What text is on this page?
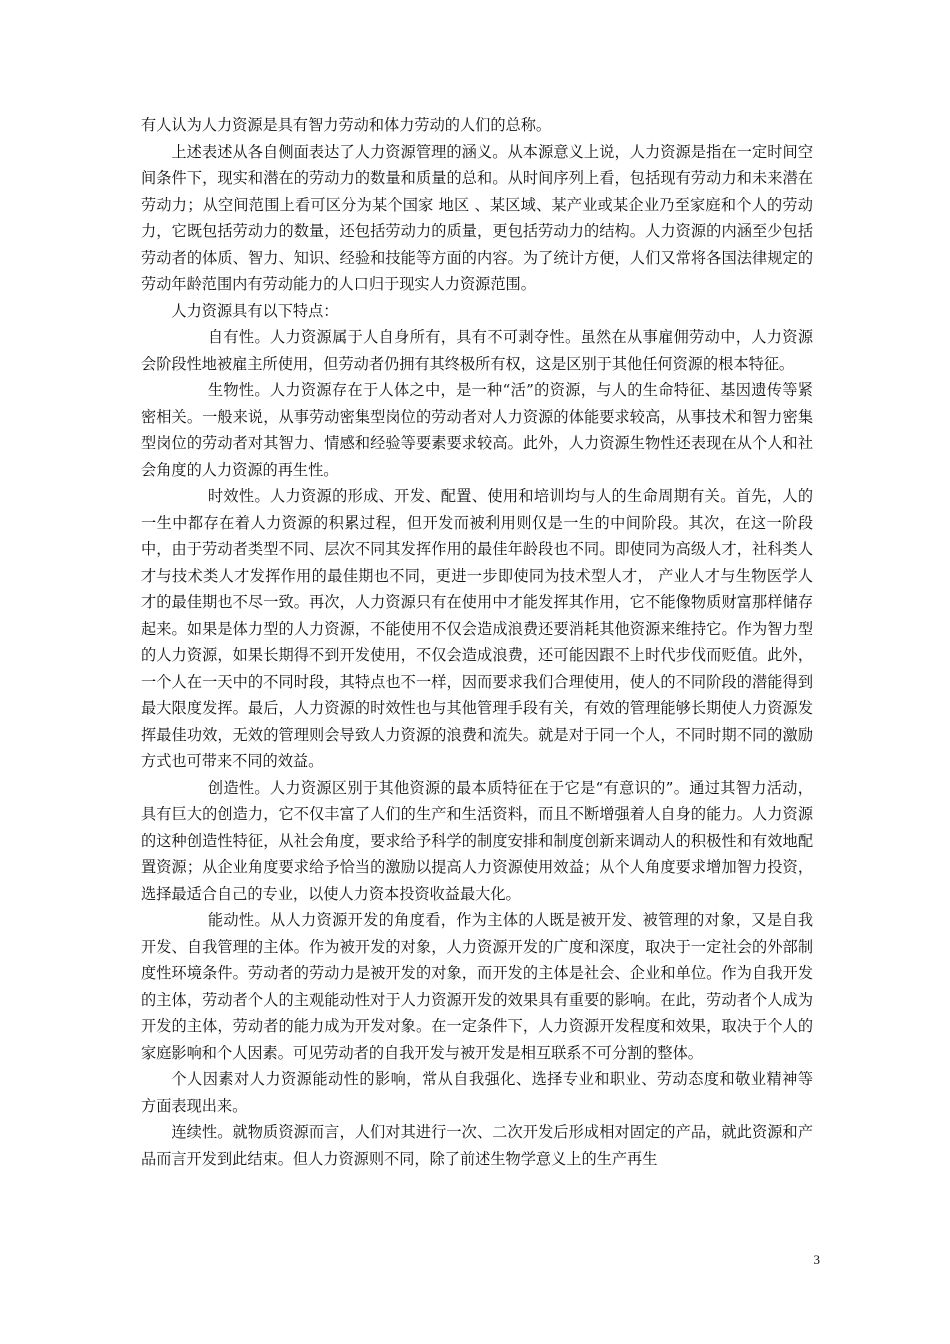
有人认为人力资源是具有智力劳动和体力劳动的人们的总称。

上述表述从各自侧面表达了人力资源管理的涵义。从本源意义上说，人力资源是指在一定时间空间条件下，现实和潜在的劳动力的数量和质量的总和。从时间序列上看，包括现有劳动力和未来潜在劳动力；从空间范围上看可区分为某个国家 地区 、某区域、某产业或某企业乃至家庭和个人的劳动力，它既包括劳动力的数量，还包括劳动力的质量，更包括劳动力的结构。人力资源的内涵至少包括劳动者的体质、智力、知识、经验和技能等方面的内容。为了统计方便，人们又常将各国法律规定的劳动年龄范围内有劳动能力的人口归于现实人力资源范围。

人力资源具有以下特点：

自有性。人力资源属于人自身所有，具有不可剥夺性。虽然在从事雇佣劳动中，人力资源会阶段性地被雇主所使用，但劳动者仍拥有其终极所有权，这是区别于其他任何资源的根本特征。

生物性。人力资源存在于人体之中，是一种“活”的资源，与人的生命特征、基因遗传等紧密相关。一般来说，从事劳动密集型岗位的劳动者对人力资源的体能要求较高，从事技术和智力密集型岗位的劳动者对其智力、情感和经验等要素要求较高。此外，人力资源生物性还表现在从个人和社会角度的人力资源的再生性。

时效性。人力资源的形成、开发、配置、使用和培训均与人的生命周期有关。首先，人的一生中都存在着人力资源的积累过程，但开发而被利用则仅是一生的中间阶段。其次，在这一阶段中，由于劳动者类型不同、层次不同其发挥作用的最佳年龄段也不同。即使同为高级人才，社科类人才与技术类人才发挥作用的最佳期也不同，更进一步即使同为技术型人才， 产业人才与生物医学人才的最佳期也不尽一致。再次，人力资源只有在使用中才能发挥其作用，它不能像物质财富那样储存起来。如果是体力型的人力资源，不能使用不仅会造成浪费还要消耗其他资源来维持它。作为智力型的人力资源，如果长期得不到开发使用，不仅会造成浪费，还可能因跟不上时代步伐而贬值。此外，一个人在一天中的不同时段，其特点也不一样，因而要求我们合理使用，使人的不同阶段的潜能得到最大限度发挥。最后，人力资源的时效性也与其他管理手段有关，有效的管理能够长期使人力资源发挥最佳功效，无效的管理则会导致人力资源的浪费和流失。就是对于同一个人，不同时期不同的激励方式也可带来不同的效益。

创造性。人力资源区别于其他资源的最本质特征在于它是“有意识的”。通过其智力活动，具有巨大的创造力，它不仅丰富了人们的生产和生活资料，而且不断增强着人自身的能力。人力资源的这种创造性特征，从社会角度，要求给予科学的制度安排和制度创新来调动人的积极性和有效地配置资源；从企业角度要求给予恰当的激励以提高人力资源使用效益；从个人角度要求增加智力投资，选择最适合自己的专业，以使人力资本投资收益最大化。

能动性。从人力资源开发的角度看，作为主体的人既是被开发、被管理的对象，又是自我开发、自我管理的主体。作为被开发的对象，人力资源开发的广度和深度，取决于一定社会的外部制度性环境条件。劳动者的劳动力是被开发的对象，而开发的主体是社会、企业和单位。作为自我开发的主体，劳动者个人的主观能动性对于人力资源开发的效果具有重要的影响。在此，劳动者个人成为开发的主体，劳动者的能力成为开发对象。在一定条件下，人力资源开发程度和效果，取决于个人的家庭影响和个人因素。可见劳动者的自我开发与被开发是相互联系不可分割的整体。

个人因素对人力资源能动性的影响，常从自我强化、选择专业和职业、劳动态度和敬业精神等 方面表现出来。

连续性。就物质资源而言，人们对其进行一次、二次开发后形成相对固定的产品，就此资源和产品而言开发到此结束。但人力资源则不同，除了前述生物学意义上的生产再生

3
